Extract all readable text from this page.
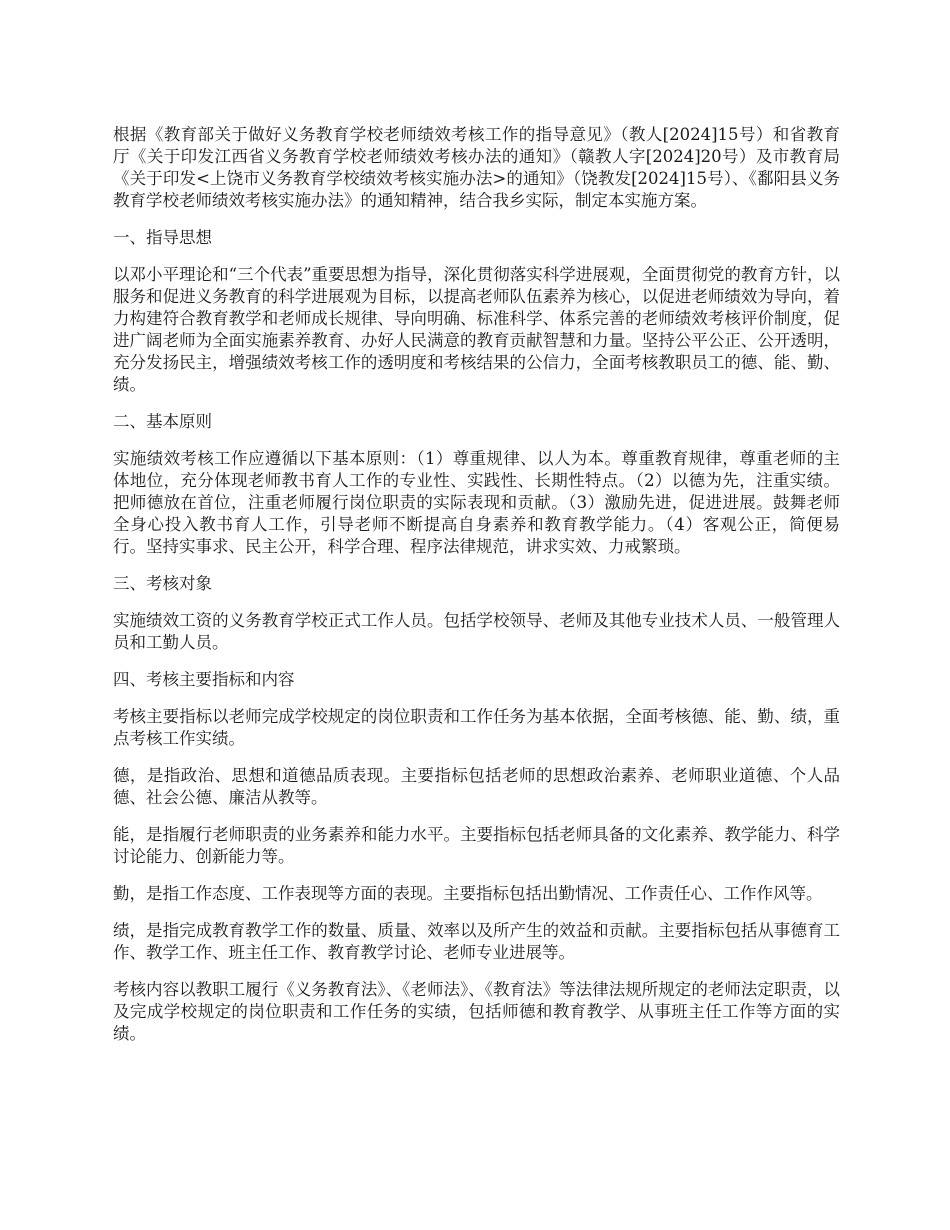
根据《教育部关于做好义务教育学校老师绩效考核工作的指导意见》（教人[2024]15号）和省教育厅《关于印发江西省义务教育学校老师绩效考核办法的通知》（赣教人字[2024]20号）及市教育局《关于印发<上饶市义务教育学校绩效考核实施办法>的通知》（饶教发[2024]15号）、《鄱阳县义务教育学校老师绩效考核实施办法》的通知精神，结合我乡实际，制定本实施方案。

一、指导思想

以邓小平理论和“三个代表”重要思想为指导，深化贯彻落实科学进展观，全面贯彻党的教育方针，以服务和促进义务教育的科学进展观为目标，以提高老师队伍素养为核心，以促进老师绩效为导向，着力构建符合教育教学和老师成长规律、导向明确、标准科学、体系完善的老师绩效考核评价制度，促进广阔老师为全面实施素养教育、办好人民满意的教育贡献智慧和力量。坚持公平公正、公开透明，充分发扬民主，增强绩效考核工作的透明度和考核结果的公信力，全面考核教职员工的德、能、勤、绩。

二、基本原则

实施绩效考核工作应遵循以下基本原则：（1）尊重规律、以人为本。尊重教育规律，尊重老师的主体地位，充分体现老师教书育人工作的专业性、实践性、长期性特点。（2）以德为先，注重实绩。把师德放在首位，注重老师履行岗位职责的实际表现和贡献。（3）激励先进，促进进展。鼓舞老师全身心投入教书育人工作，引导老师不断提高自身素养和教育教学能力。（4）客观公正，简便易行。坚持实事求、民主公开，科学合理、程序法律规范，讲求实效、力戒繁琐。

三、考核对象

实施绩效工资的义务教育学校正式工作人员。包括学校领导、老师及其他专业技术人员、一般管理人员和工勤人员。

四、考核主要指标和内容

考核主要指标以老师完成学校规定的岗位职责和工作任务为基本依据，全面考核德、能、勤、绩，重点考核工作实绩。

德，是指政治、思想和道德品质表现。主要指标包括老师的思想政治素养、老师职业道德、个人品德、社会公德、廉洁从教等。

能，是指履行老师职责的业务素养和能力水平。主要指标包括老师具备的文化素养、教学能力、科学讨论能力、创新能力等。

勤，是指工作态度、工作表现等方面的表现。主要指标包括出勤情况、工作责任心、工作作风等。

绩，是指完成教育教学工作的数量、质量、效率以及所产生的效益和贡献。主要指标包括从事德育工作、教学工作、班主任工作、教育教学讨论、老师专业进展等。

考核内容以教职工履行《义务教育法》、《老师法》、《教育法》等法律法规所规定的老师法定职责，以及完成学校规定的岗位职责和工作任务的实绩，包括师德和教育教学、从事班主任工作等方面的实绩。
